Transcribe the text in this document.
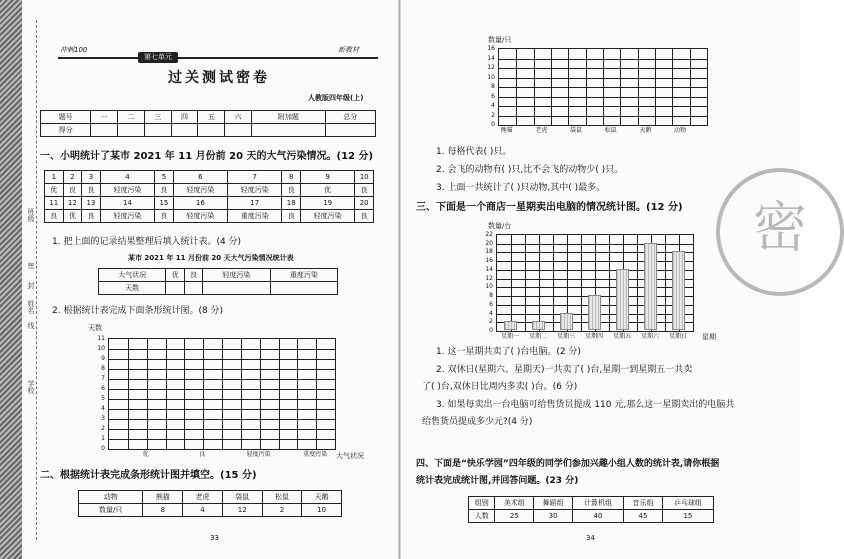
班级
姓名
学校
密
封
线
冲刺100
第七单元
新教材
过关测试密卷
人教版四年级(上)
题号	一	二	三	四	五	六	附加题	总分
得分								
一、小明统计了某市 2021 年 11 月份前 20 天的大气污染情况。(12 分)
1	2	3	4	5	6	7	8	9	10
优	良	良	轻度污染	良	轻度污染	轻度污染	良	优	良
11	12	13	14	15	16	17	18	19	20
良	优	良	轻度污染	良	轻度污染	重度污染	良	轻度污染	良
1. 把上面的记录结果整理后填入统计表。(4 分)
某市 2021 年 11 月份前 20 天大气污染情况统计表
大气状况	优	良	轻度污染	重度污染
天数				
2. 根据统计表完成下面条形统计图。(8 分)
天数
大气状况
二、根据统计表完成条形统计图并填空。(15 分)
动物	熊猫	老虎	袋鼠	松鼠	天鹅
数量/只	8	4	12	2	10
33
11
10
9
8
7
6
5
4
3
2
1
0
优	良	轻度污染	重度污染
数量/只
1. 每格代表( )只。
2. 会飞的动物有( )只,比不会飞的动物少( )只。
3. 上面一共统计了( )只动物,其中( )最多。
三、下面是一个商店一星期卖出电脑的情况统计图。(12 分)
数量/台
星期
1. 这一星期共卖了( )台电脑。(2 分)
2. 双休日(星期六、星期天)一共卖了( )台,星期一到星期五一共卖
了( )台,双休日比周内多卖( )台。(6 分)
3. 如果每卖出一台电脑可给售货员提成 110 元,那么这一星期卖出的电脑共
给售货员提成多少元?(4 分)
四、下面是“快乐学园”四年级的同学们参加兴趣小组人数的统计表,请你根据
统计表完成统计图,并回答问题。(23 分)
组别	美术组	舞蹈组	计算机组	音乐组	乒乓球组
人数	25	30	40	45	15
34
16
14
12
10
8
6
4
2
0
熊猫	老虎	袋鼠	松鼠	天鹅	动物
22
20
18
16
14
12
10
8
6
4
2
0
星期一	星期二	星期三	星期四	星期五	星期六	星期日
密
